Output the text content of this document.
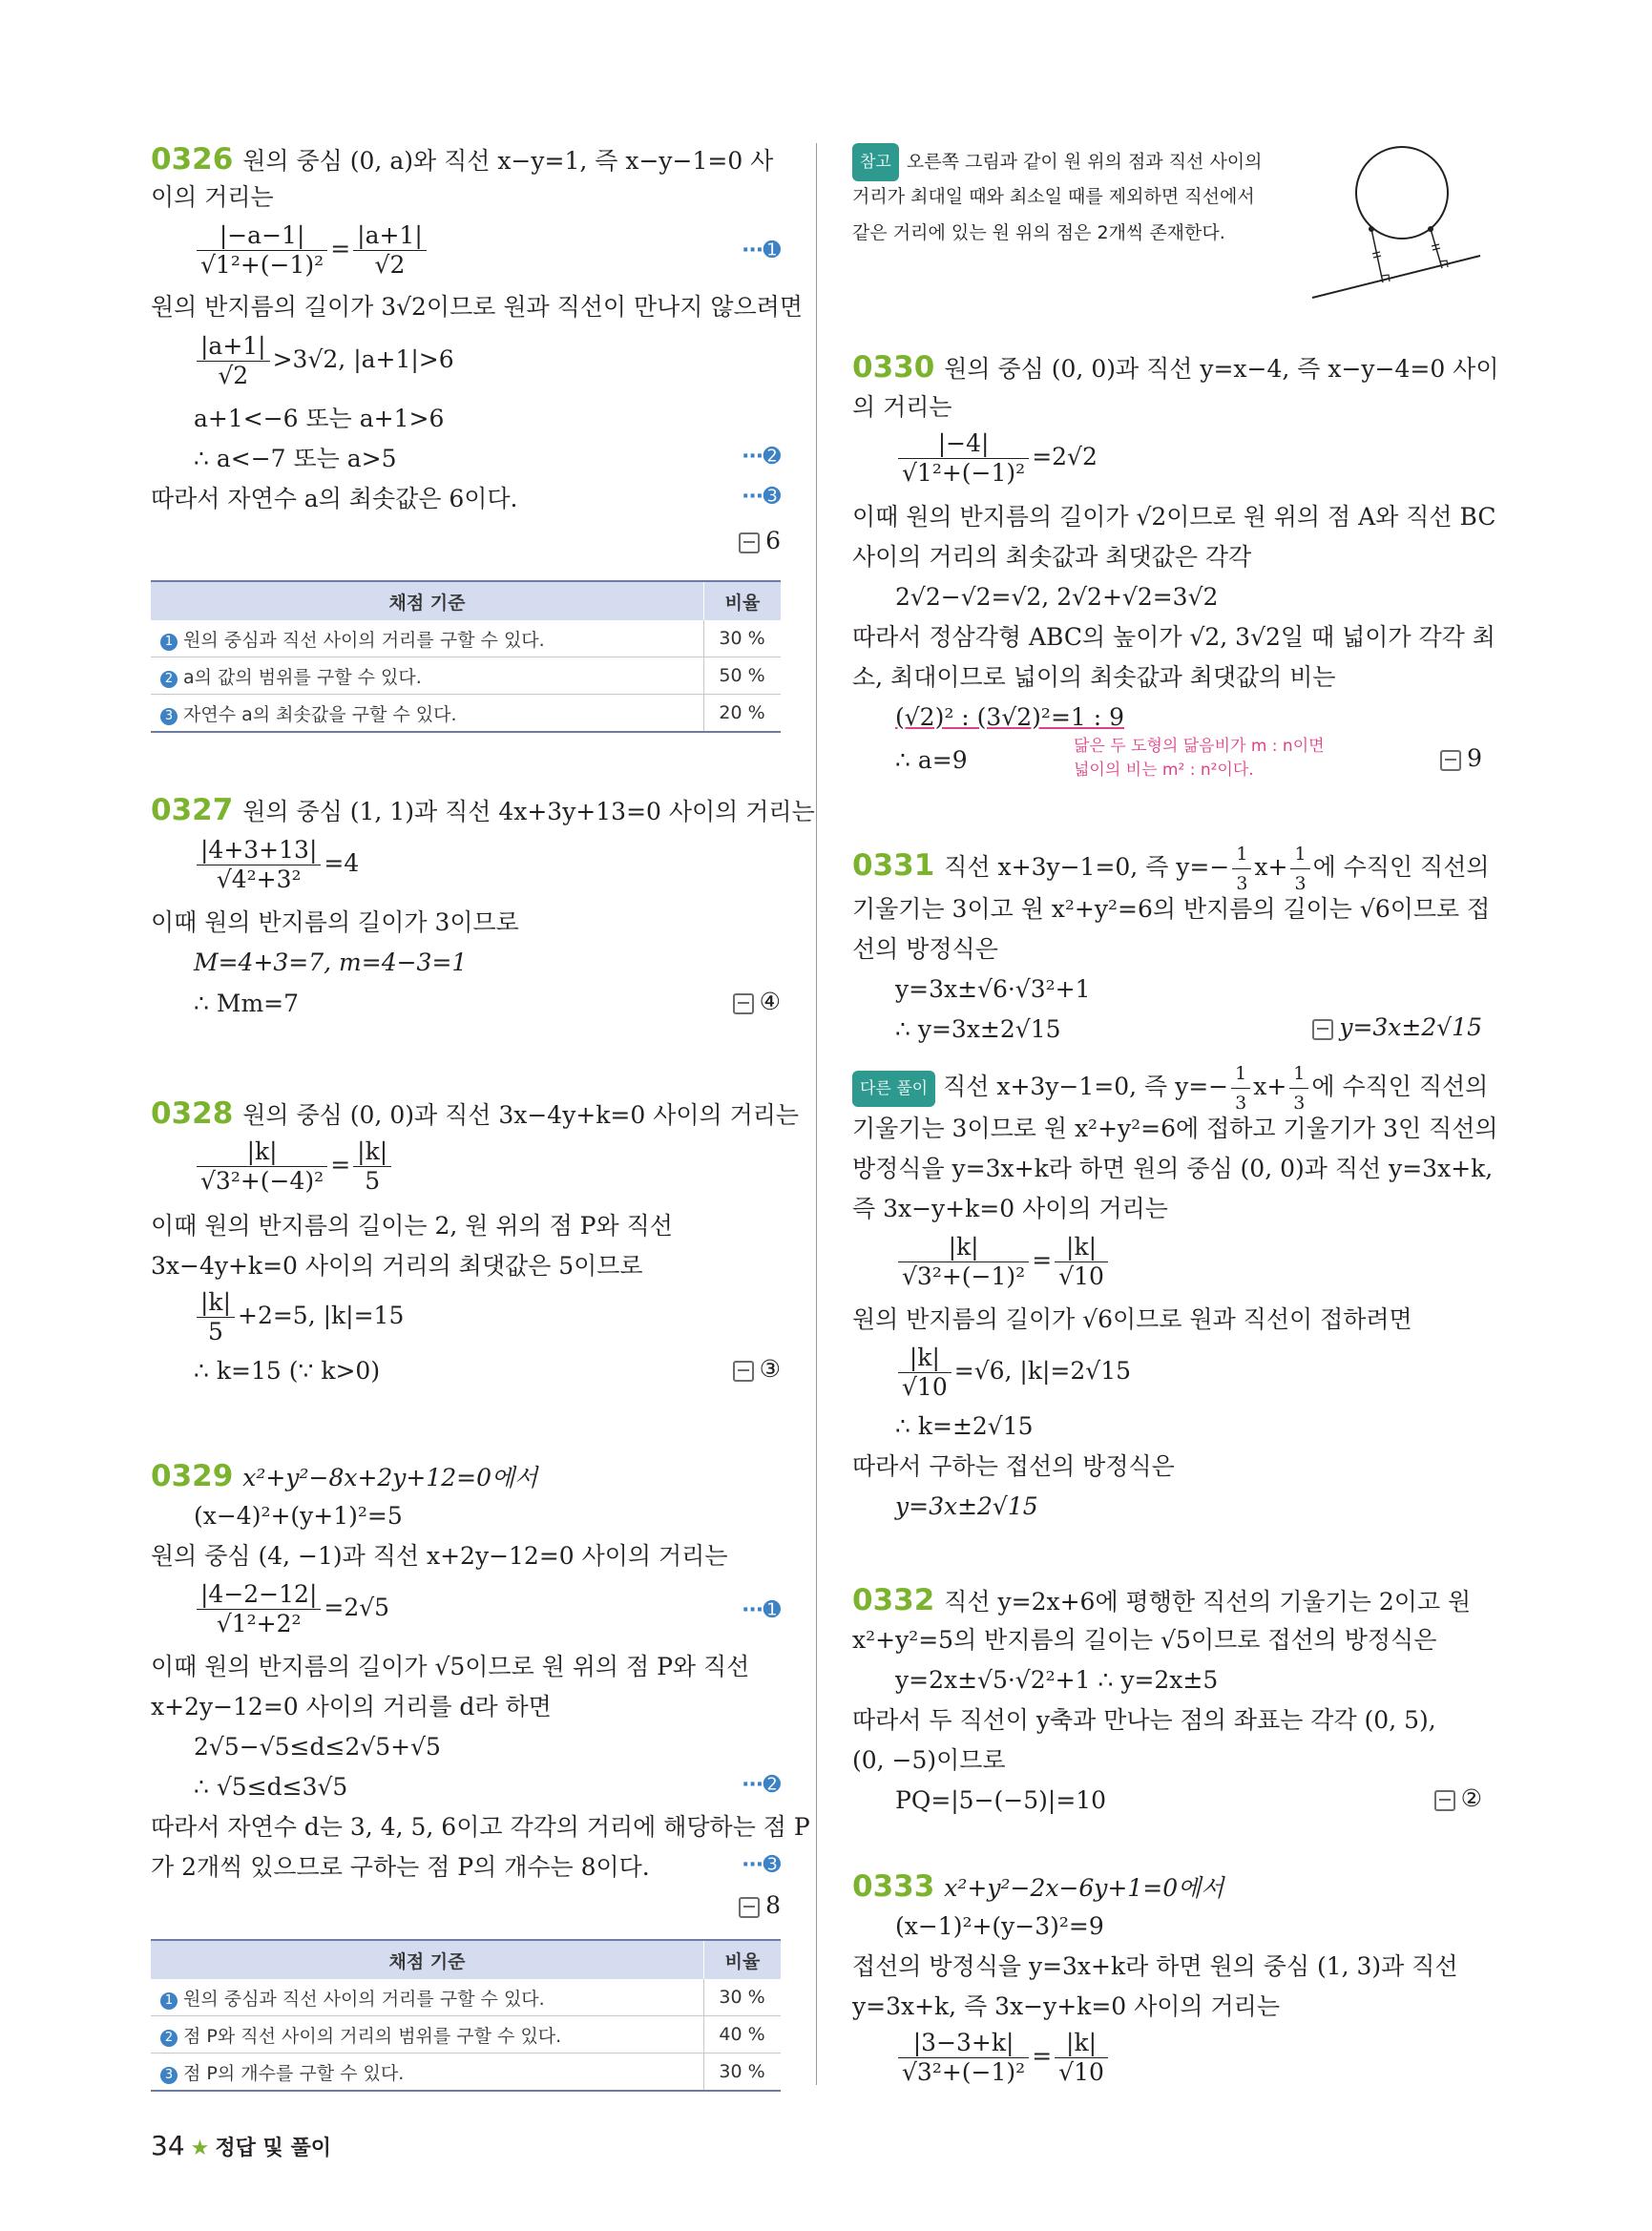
0326 원의 중심 (0, a)와 직선 x−y=1, 즉 x−y−1=0 사
이의 거리는
$\frac{|-a-1|}{\text{√1²+(−1)²}} = \frac{|a+1|}{√2}$	⋯➊
원의 반지름의 길이가 3√2이므로 원과 직선이 만나지 않으려면
$\frac{|a+1|}{√2} >3√2$, |a+1|>6
a+1<−6 또는 a+1>6
∴ a<−7 또는 a>5	⋯➋
따라서 자연수 a의 최솟값은 6이다.	⋯➌
6
채점 기준	비율
1 원의 중심과 직선 사이의 거리를 구할 수 있다.	30 %
2 a의 값의 범위를 구할 수 있다.	50 %
3 자연수 a의 최솟값을 구할 수 있다.	20 %
0327 원의 중심 (1, 1)과 직선 4x+3y+13=0 사이의 거리는
$\frac{|4+3+13|}{\text{√4²+3²}} =4$
이때 원의 반지름의 길이가 3이므로
M=4+3=7, m=4−3=1
∴ Mm=7	④
0328 원의 중심 (0, 0)과 직선 3x−4y+k=0 사이의 거리는
$\frac{|k|}{\text{√3²+(−4)²}} = \frac{|k|}{5}$
이때 원의 반지름의 길이는 2, 원 위의 점 P와 직선
3x−4y+k=0 사이의 거리의 최댓값은 5이므로
$\frac{|k|}{5} +2=5$, |k|=15
∴ k=15 (∵ k>0)	③
0329 x²+y²−8x+2y+12=0에서
(x−4)²+(y+1)²=5
원의 중심 (4, −1)과 직선 x+2y−12=0 사이의 거리는
$\frac{|4-2-12|}{\text{√1²+2²}} =2√5$	⋯➊
이때 원의 반지름의 길이가 √5이므로 원 위의 점 P와 직선
x+2y−12=0 사이의 거리를 d라 하면
2√5−√5≤d≤2√5+√5
∴ √5≤d≤3√5	⋯➋
따라서 자연수 d는 3, 4, 5, 6이고 각각의 거리에 해당하는 점 P
가 2개씩 있으므로 구하는 점 P의 개수는 8이다.	⋯➌
8
채점 기준	비율
1 원의 중심과 직선 사이의 거리를 구할 수 있다.	30 %
2 점 P와 직선 사이의 거리의 범위를 구할 수 있다.	40 %
3 점 P의 개수를 구할 수 있다.	30 %
참고 오른쪽 그림과 같이 원 위의 점과 직선 사이의
거리가 최대일 때와 최소일 때를 제외하면 직선에서
같은 거리에 있는 원 위의 점은 2개씩 존재한다.
0330 원의 중심 (0, 0)과 직선 y=x−4, 즉 x−y−4=0 사이
의 거리는
$\frac{|-4|}{\text{√1²+(−1)²}} =2√2$
이때 원의 반지름의 길이가 √2이므로 원 위의 점 A와 직선 BC
사이의 거리의 최솟값과 최댓값은 각각
2√2−√2=√2, 2√2+√2=3√2
따라서 정삼각형 ABC의 높이가 √2, 3√2일 때 넓이가 각각 최
소, 최대이므로 넓이의 최솟값과 최댓값의 비는
(√2)² : (3√2)²=1 : 9
∴ a=9	닮은 두 도형의 닮음비가 m : n이면
넓이의 비는 m² : n²이다.	9
0331 직선 x+3y−1=0, 즉 $y=- \frac{1}{3} x+ \frac{1}{3}$ 에 수직인 직선의
기울기는 3이고 원 x²+y²=6의 반지름의 길이는 √6이므로 접
선의 방정식은
y=3x±√6·√3²+1
∴ y=3x±2√15	y=3x±2√15
다른 풀이 직선 x+3y−1=0, 즉 $y=- \frac{1}{3} x+ \frac{1}{3}$ 에 수직인 직선의
기울기는 3이므로 원 x²+y²=6에 접하고 기울기가 3인 직선의
방정식을 y=3x+k라 하면 원의 중심 (0, 0)과 직선 y=3x+k,
즉 3x−y+k=0 사이의 거리는
$\frac{|k|}{\text{√3²+(−1)²}} = \frac{|k|}{√10}$
원의 반지름의 길이가 √6이므로 원과 직선이 접하려면
$\frac{|k|}{√10} =√6$, |k|=2√15
∴ k=±2√15
따라서 구하는 접선의 방정식은
y=3x±2√15
0332 직선 y=2x+6에 평행한 직선의 기울기는 2이고 원
x²+y²=5의 반지름의 길이는 √5이므로 접선의 방정식은
y=2x±√5·√2²+1 ∴ y=2x±5
따라서 두 직선이 y축과 만나는 점의 좌표는 각각 (0, 5),
(0, −5)이므로
PQ=|5−(−5)|=10	②
0333 x²+y²−2x−6y+1=0에서
(x−1)²+(y−3)²=9
접선의 방정식을 y=3x+k라 하면 원의 중심 (1, 3)과 직선
y=3x+k, 즉 3x−y+k=0 사이의 거리는
$\frac{|3-3+k|}{\text{√3²+(−1)²}} = \frac{|k|}{√10}$
34 ★ 정답 및 풀이
